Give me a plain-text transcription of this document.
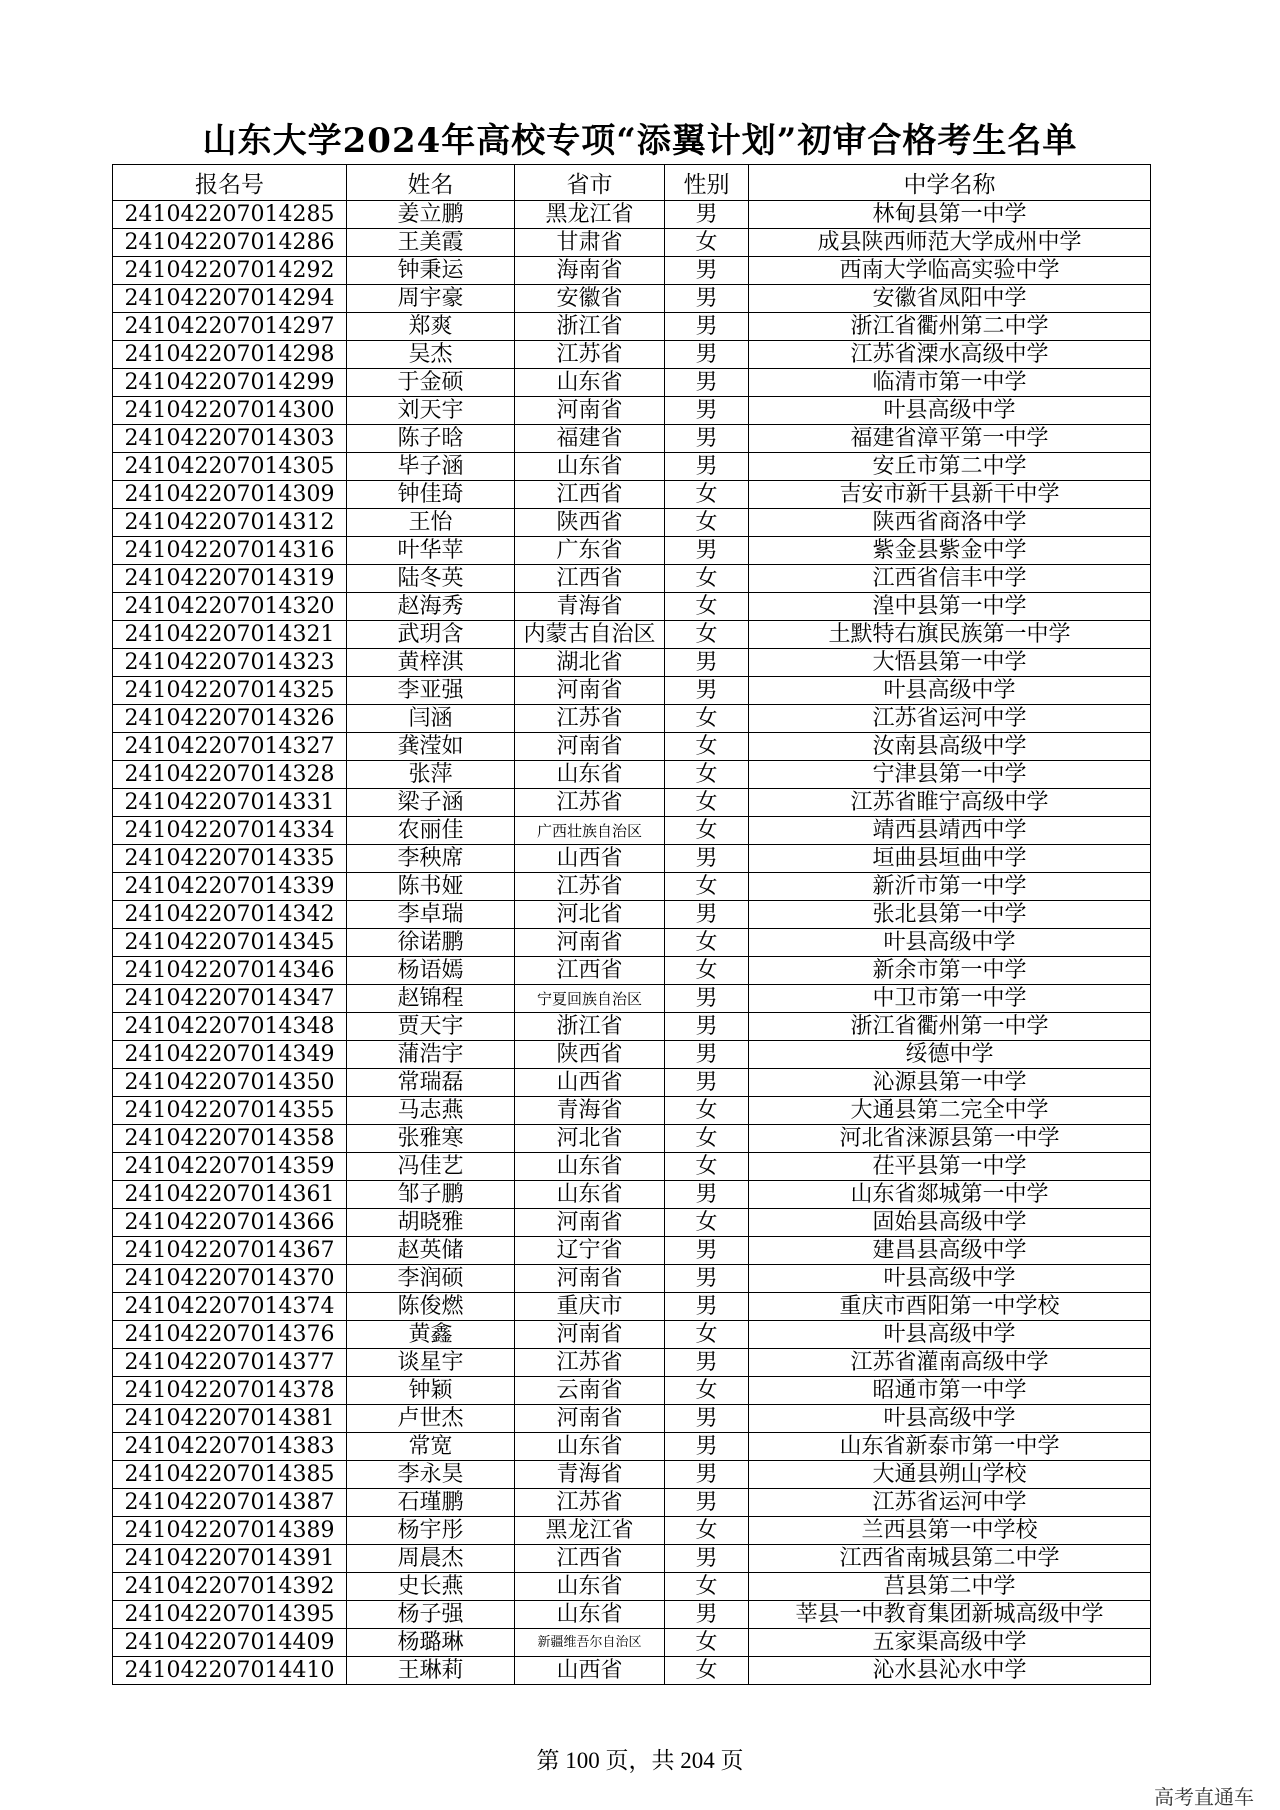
山东大学2024年高校专项“添翼计划”初审合格考生名单
报名号	姓名	省市	性别	中学名称
241042207014285	姜立鹏	黑龙江省	男	林甸县第一中学
241042207014286	王美霞	甘肃省	女	成县陕西师范大学成州中学
241042207014292	钟秉运	海南省	男	西南大学临高实验中学
241042207014294	周宇豪	安徽省	男	安徽省凤阳中学
241042207014297	郑爽	浙江省	男	浙江省衢州第二中学
241042207014298	吴杰	江苏省	男	江苏省溧水高级中学
241042207014299	于金硕	山东省	男	临清市第一中学
241042207014300	刘天宇	河南省	男	叶县高级中学
241042207014303	陈子晗	福建省	男	福建省漳平第一中学
241042207014305	毕子涵	山东省	男	安丘市第二中学
241042207014309	钟佳琦	江西省	女	吉安市新干县新干中学
241042207014312	王怡	陕西省	女	陕西省商洛中学
241042207014316	叶华苹	广东省	男	紫金县紫金中学
241042207014319	陆冬英	江西省	女	江西省信丰中学
241042207014320	赵海秀	青海省	女	湟中县第一中学
241042207014321	武玥含	内蒙古自治区	女	土默特右旗民族第一中学
241042207014323	黄梓淇	湖北省	男	大悟县第一中学
241042207014325	李亚强	河南省	男	叶县高级中学
241042207014326	闫涵	江苏省	女	江苏省运河中学
241042207014327	龚滢如	河南省	女	汝南县高级中学
241042207014328	张萍	山东省	女	宁津县第一中学
241042207014331	梁子涵	江苏省	女	江苏省睢宁高级中学
241042207014334	农丽佳	广西壮族自治区	女	靖西县靖西中学
241042207014335	李秧席	山西省	男	垣曲县垣曲中学
241042207014339	陈书娅	江苏省	女	新沂市第一中学
241042207014342	李卓瑞	河北省	男	张北县第一中学
241042207014345	徐诺鹏	河南省	女	叶县高级中学
241042207014346	杨语嫣	江西省	女	新余市第一中学
241042207014347	赵锦程	宁夏回族自治区	男	中卫市第一中学
241042207014348	贾天宇	浙江省	男	浙江省衢州第一中学
241042207014349	蒲浩宇	陕西省	男	绥德中学
241042207014350	常瑞磊	山西省	男	沁源县第一中学
241042207014355	马志燕	青海省	女	大通县第二完全中学
241042207014358	张雅寒	河北省	女	河北省涞源县第一中学
241042207014359	冯佳艺	山东省	女	茌平县第一中学
241042207014361	邹子鹏	山东省	男	山东省郯城第一中学
241042207014366	胡晓雅	河南省	女	固始县高级中学
241042207014367	赵英储	辽宁省	男	建昌县高级中学
241042207014370	李润硕	河南省	男	叶县高级中学
241042207014374	陈俊燃	重庆市	男	重庆市酉阳第一中学校
241042207014376	黄鑫	河南省	女	叶县高级中学
241042207014377	谈星宇	江苏省	男	江苏省灌南高级中学
241042207014378	钟颖	云南省	女	昭通市第一中学
241042207014381	卢世杰	河南省	男	叶县高级中学
241042207014383	常宽	山东省	男	山东省新泰市第一中学
241042207014385	李永昊	青海省	男	大通县朔山学校
241042207014387	石瑾鹏	江苏省	男	江苏省运河中学
241042207014389	杨宇彤	黑龙江省	女	兰西县第一中学校
241042207014391	周晨杰	江西省	男	江西省南城县第二中学
241042207014392	史长燕	山东省	女	莒县第二中学
241042207014395	杨子强	山东省	男	莘县一中教育集团新城高级中学
241042207014409	杨璐琳	新疆维吾尔自治区	女	五家渠高级中学
241042207014410	王琳莉	山西省	女	沁水县沁水中学
第 100 页，共 204 页
高考直通车
